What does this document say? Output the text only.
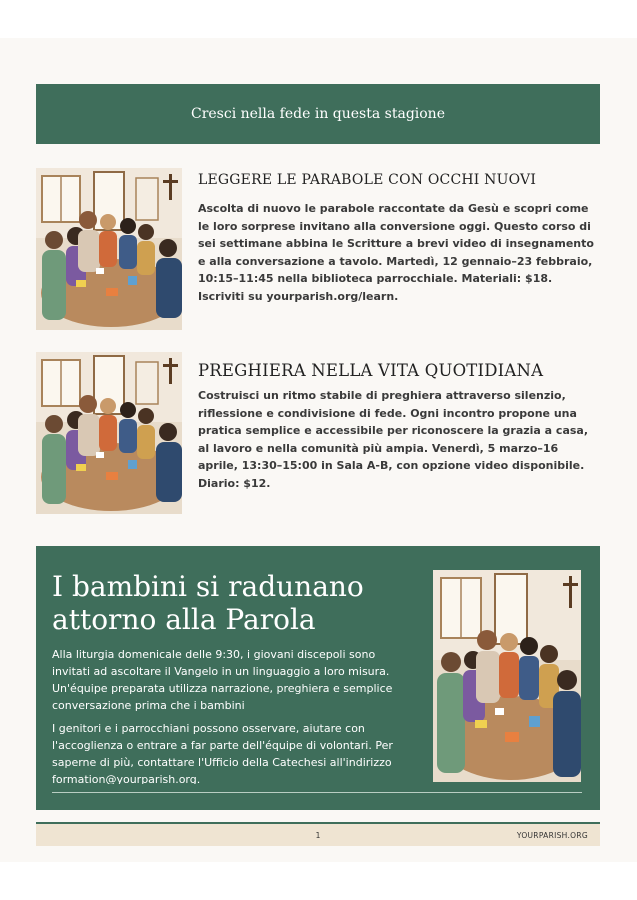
Cresci nella fede in questa stagione
LEGGERE LE PARABOLE CON OCCHI NUOVI

Ascolta di nuovo le parabole raccontate da Gesù e scopri come le loro sorprese invitano alla conversione oggi. Questo corso di sei settimane abbina le Scritture a brevi video di insegnamento e alla conversazione a tavolo. Martedì, 12 gennaio–23 febbraio, 10:15–11:45 nella biblioteca parrocchiale. Materiali: $18. Iscriviti su yourparish.org/learn.

PREGHIERA NELLA VITA QUOTIDIANA

Costruisci un ritmo stabile di preghiera attraverso silenzio, riflessione e condivisione di fede. Ogni incontro propone una pratica semplice e accessibile per riconoscere la grazia a casa, al lavoro e nella comunità più ampia. Venerdì, 5 marzo–16 aprile, 13:30–15:00 in Sala A-B, con opzione video disponibile. Diario: $12.

I bambini si radunano attorno alla Parola

Alla liturgia domenicale delle 9:30, i giovani discepoli sono invitati ad ascoltare il Vangelo in un linguaggio a loro misura. Un'équipe preparata utilizza narrazione, preghiera e semplice conversazione prima che i bambini

I genitori e i parrocchiani possono osservare, aiutare con l'accoglienza o entrare a far parte dell'équipe di volontari. Per saperne di più, contattare l'Ufficio della Catechesi all'indirizzo formation@yourparish.org.

1	YOURPARISH.ORG
